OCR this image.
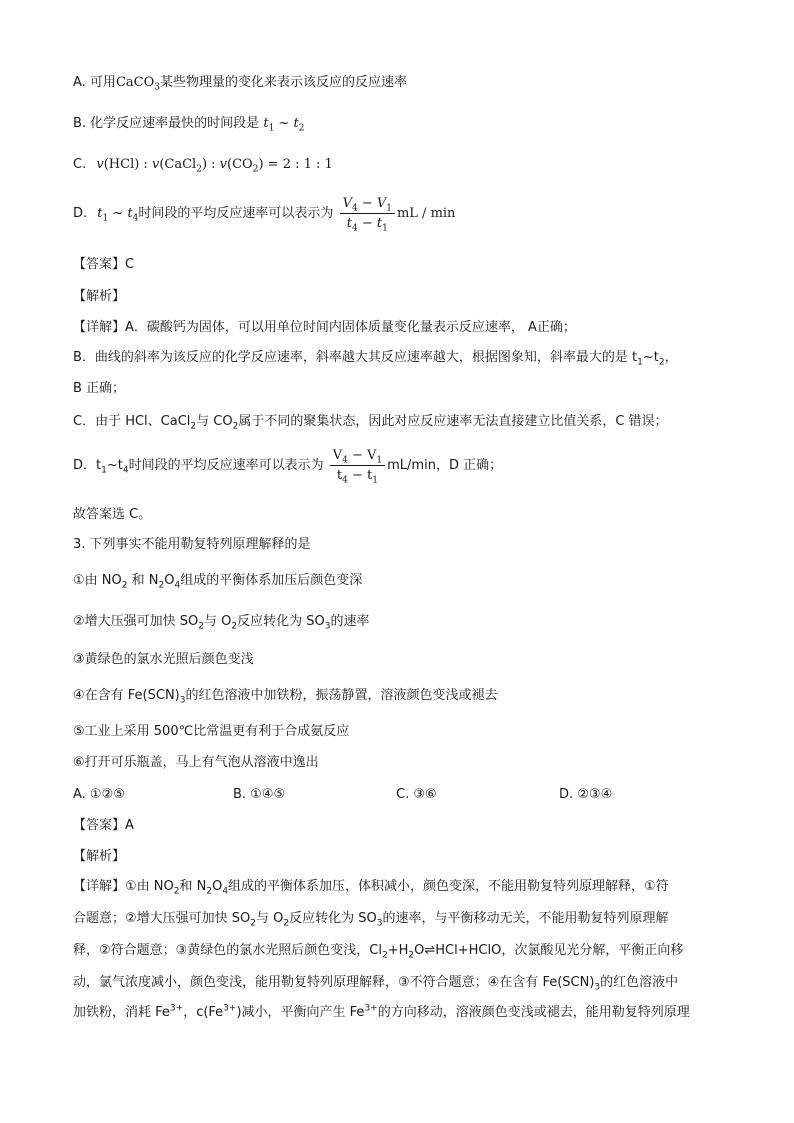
A. 可用CaCO$_3$某些物理量的变化来表示该反应的反应速率
B. 化学反应速率最快的时间段是 $t_1$ ~ $t_2$
C. v(HCl) : v(CaCl$_2$) : $v(CO_2) = 2$ : 1 : 1
D. $t_1$ ~ $t_4$时间段的平均反应速率可以表示为 $\frac{V_4 - V_1}{t_4 - t_1}$ mL / min
【答案】C
【解析】
【详解】A．碳酸钙为固体，可以用单位时间内固体质量变化量表示反应速率， A正确；
B．曲线的斜率为该反应的化学反应速率，斜率越大其反应速率越大，根据图象知，斜率最大的是 $t_1\sim t_2$，
B 正确；
C．由于 HCl、CaCl$_2$与 $CO_2$属于不同的聚集状态，因此对应反应速率无法直接建立比值关系，C 错误；
D．$t_1\sim t_4$时间段的平均反应速率可以表示为 $\frac{V_4 - V_1}{t_4 - t_1} mL/\min$，D 正确；
故答案选 C。
3. 下列事实不能用勒复特列原理解释的是
①由 $NO_2$ 和 $N_2O_4$组成的平衡体系加压后颜色变深
②增大压强可加快 $SO_2$与 $O_2$反应转化为 $SO_3$的速率
③黄绿色的氯水光照后颜色变浅
④在含有 $Fe(SCN)_3$的红色溶液中加铁粉，振荡静置，溶液颜色变浅或褪去
⑤工业上采用 500℃比常温更有利于合成氨反应
⑥打开可乐瓶盖，马上有气泡从溶液中逸出
A. ①②⑤	B. ①④⑤	C. ③⑥	D. ②③④
【答案】A
【解析】
【详解】①由 $NO_2$和 $N_2O_4$组成的平衡体系加压，体积减小，颜色变深，不能用勒复特列原理解释，①符
合题意；②增大压强可加快 $SO_2$与 $O_2$反应转化为 $SO_3$的速率，与平衡移动无关，不能用勒复特列原理解
释，②符合题意；③黄绿色的氯水光照后颜色变浅，$Cl_2+H_2O\rightleftharpoons HCl+HClO$，次氯酸见光分解，平衡正向移
动，氯气浓度减小，颜色变浅，能用勒复特列原理解释，③不符合题意；④在含有 $Fe(SCN)_3$的红色溶液中
加铁粉，消耗 $Fe^{3+}$，$c(Fe^{3+})$减小，平衡向产生 $Fe^{3+}$的方向移动，溶液颜色变浅或褪去，能用勒复特列原理
